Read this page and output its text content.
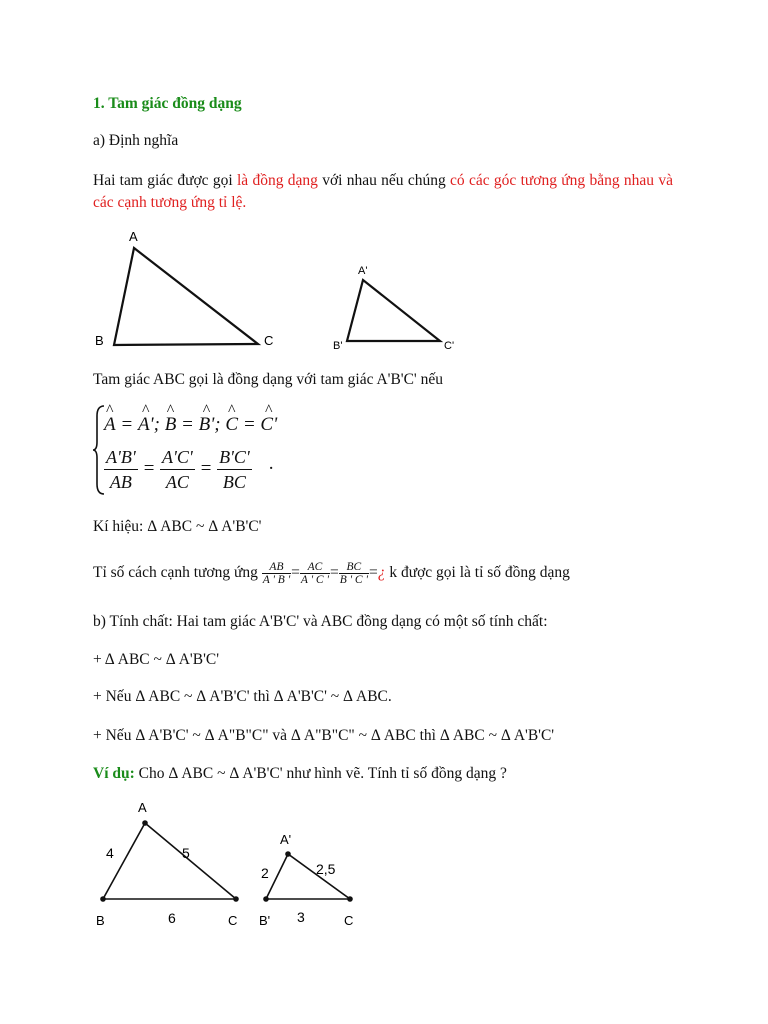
1. Tam giác đồng dạng
a) Định nghĩa
Hai tam giác được gọi là đồng dạng với nhau nếu chúng có các góc tương ứng bằng nhau và các cạnh tương ứng tỉ lệ.
A
B	C
A'
B'	C'
Tam giác ABC gọi là đồng dạng với tam giác A'B'C' nếu
^ A = ^ A'; ^ B = ^ B'; ^ C = ^ C'
$\frac{A'B'}{AB} = \frac{A'C'}{AC} = \frac{B'C'}{BC}$ ·
Kí hiệu: Δ ABC ~ Δ A'B'C'
Tỉ số cách cạnh tương ứng $\frac{AB}{A ' B '} = \frac{AC}{A ' C '} = \frac{BC}{B ' C '}$ =¿ k được gọi là tỉ số đồng dạng
b) Tính chất: Hai tam giác A'B'C' và ABC đồng dạng có một số tính chất:
+ Δ ABC ~ Δ A'B'C'
+ Nếu Δ ABC ~ Δ A'B'C' thì Δ A'B'C' ~ Δ ABC.
+ Nếu Δ A'B'C' ~ Δ A"B"C" và Δ A"B"C" ~ Δ ABC thì Δ ABC ~ Δ A'B'C'
Ví dụ: Cho Δ ABC ~ Δ A'B'C' như hình vẽ. Tính tỉ số đồng dạng ?
A
B	C
4	5
6
A'
B'	C
2	2,5
3
